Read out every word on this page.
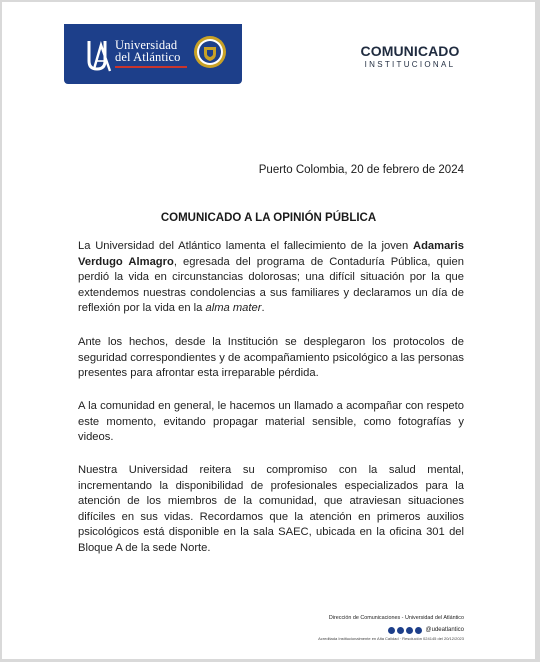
Universidad
del Atlántico	COMUNICADO

INSTITUCIONAL

Puerto Colombia, 20 de febrero de 2024

COMUNICADO A LA OPINIÓN PÚBLICA

La Universidad del Atlántico lamenta el fallecimiento de la joven Adamaris Verdugo Almagro, egresada del programa de Contaduría Pública, quien perdió la vida en circunstancias dolorosas; una difícil situación por la que extendemos nuestras condolencias a sus familiares y declaramos un día de reflexión por la vida en la alma mater.

Ante los hechos, desde la Institución se desplegaron los protocolos de seguridad correspondientes y de acompañamiento psicológico a las personas presentes para afrontar esta irreparable pérdida.

A la comunidad en general, le hacemos un llamado a acompañar con respeto este momento, evitando propagar material sensible, como fotografías y videos.

Nuestra Universidad reitera su compromiso con la salud mental, incrementando la disponibilidad de profesionales especializados para la atención de los miembros de la comunidad, que atraviesan situaciones difíciles en sus vidas. Recordamos que la atención en primeros auxilios psicológicos está disponible en la sala SAEC, ubicada en la oficina 301 del Bloque A de la sede Norte.

Dirección de Comunicaciones - Universidad del Atlántico

@udeatlantico

Acreditada Institucionalmente en Alta Calidad · Resolución 024145 del 20/12/2023
